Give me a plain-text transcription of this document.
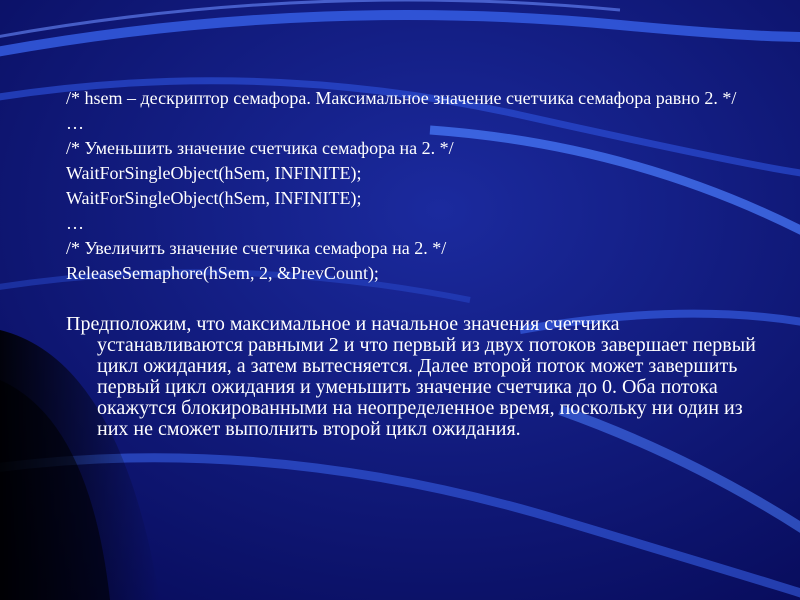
/* hsem – дескриптор семафора. Максимальное значение счетчика семафора равно 2. */
…
/* Уменьшить значение счетчика семафора на 2. */
WaitForSingleObject(hSem, INFINITE);
WaitForSingleObject(hSem, INFINITE);
…
/* Увеличить значение счетчика семафора на 2. */
ReleaseSemaphore(hSem, 2, &PrevCount);
Предположим, что максимальное и начальное значения счетчика устанавливаются равными 2 и что первый из двух потоков завершает первый цикл ожидания, а затем вытесняется. Далее второй поток может завершить первый цикл ожидания и уменьшить значение счетчика до 0. Оба потока окажутся блокированными на неопределенное время, поскольку ни один из них не сможет выполнить второй цикл ожидания.
